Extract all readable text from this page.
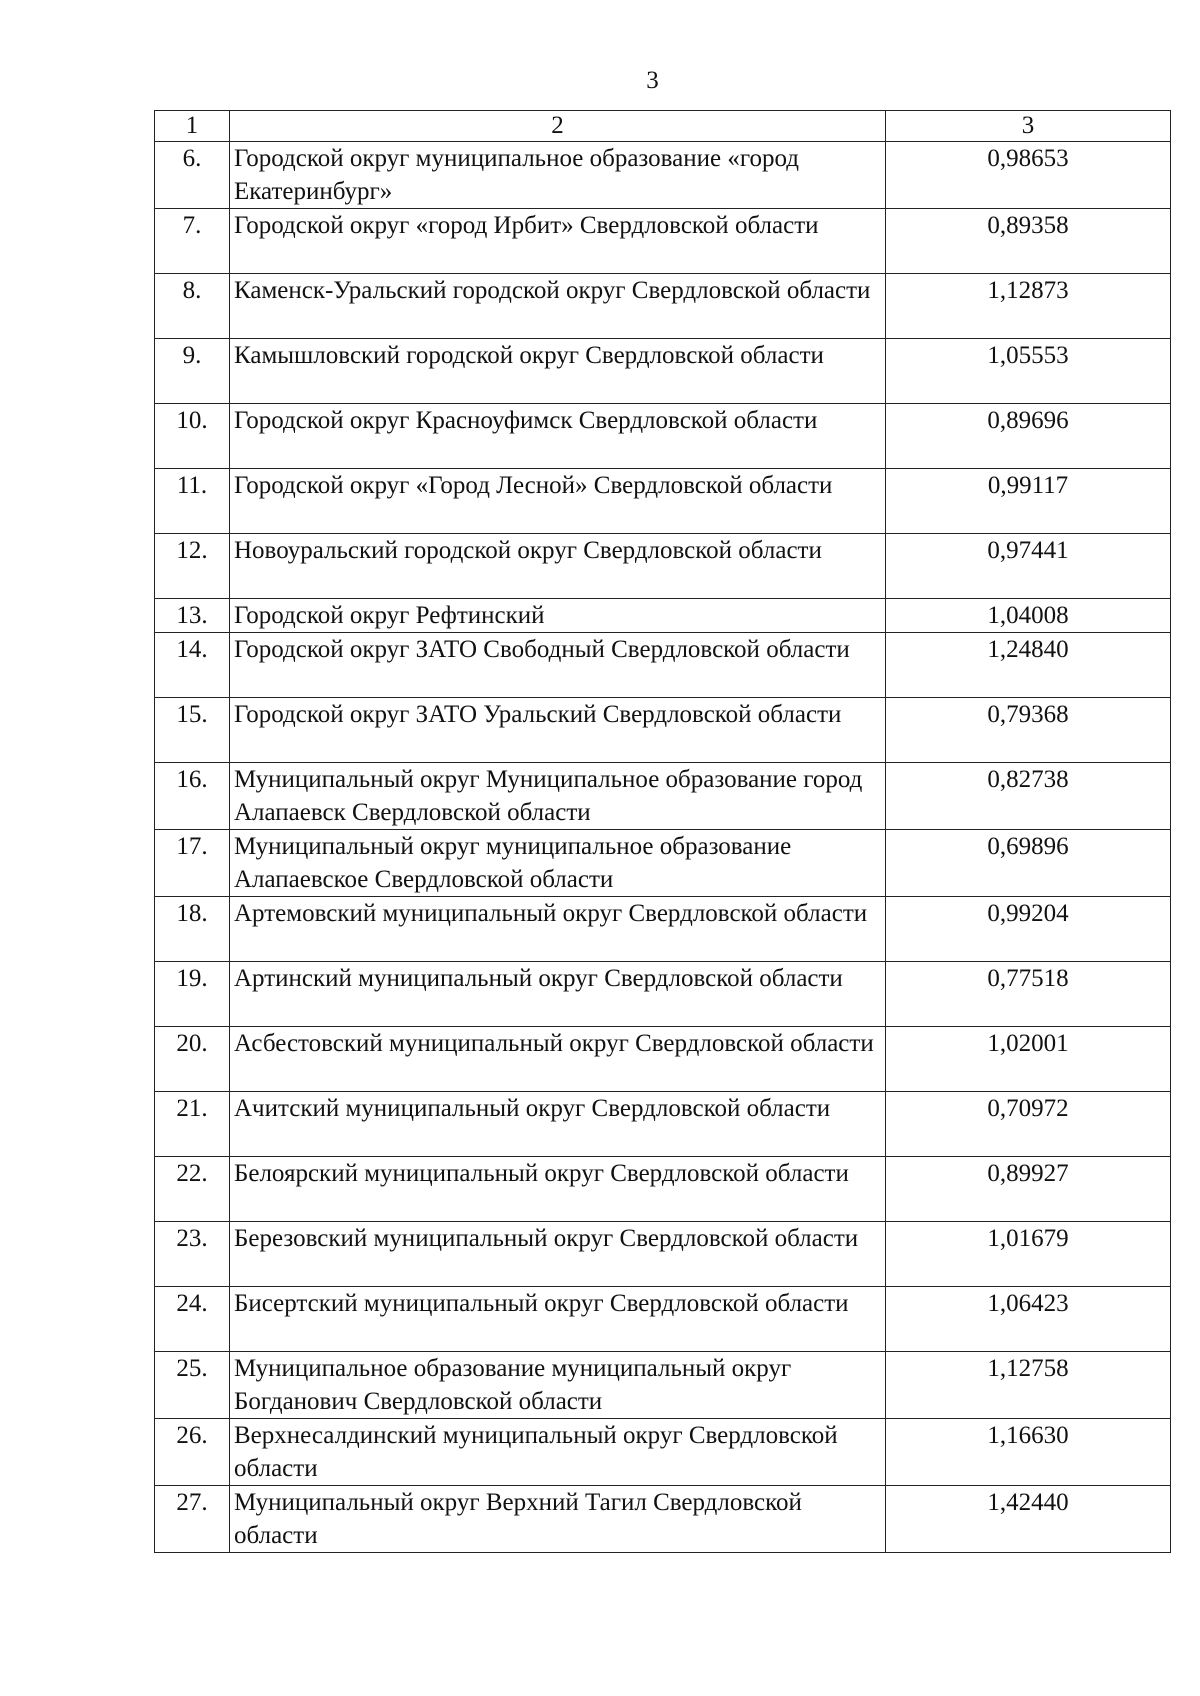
3
1	2	3
6.	Городской округ муниципальное образование «город Екатеринбург»	0,98653
7.	Городской округ «город Ирбит» Свердловской области	0,89358
8.	Каменск-Уральский городской округ Свердловской области	1,12873
9.	Камышловский городской округ Свердловской области	1,05553
10.	Городской округ Красноуфимск Свердловской области	0,89696
11.	Городской округ «Город Лесной» Свердловской области	0,99117
12.	Новоуральский городской округ Свердловской области	0,97441
13.	Городской округ Рефтинский	1,04008
14.	Городской округ ЗАТО Свободный Свердловской области	1,24840
15.	Городской округ ЗАТО Уральский Свердловской области	0,79368
16.	Муниципальный округ Муниципальное образование город Алапаевск Свердловской области	0,82738
17.	Муниципальный округ муниципальное образование Алапаевское Свердловской области	0,69896
18.	Артемовский муниципальный округ Свердловской области	0,99204
19.	Артинский муниципальный округ Свердловской области	0,77518
20.	Асбестовский муниципальный округ Свердловской области	1,02001
21.	Ачитский муниципальный округ Свердловской области	0,70972
22.	Белоярский муниципальный округ Свердловской области	0,89927
23.	Березовский муниципальный округ Свердловской области	1,01679
24.	Бисертский муниципальный округ Свердловской области	1,06423
25.	Муниципальное образование муниципальный округ Богданович Свердловской области	1,12758
26.	Верхнесалдинский муниципальный округ Свердловской области	1,16630
27.	Муниципальный округ Верхний Тагил Свердловской области	1,42440
